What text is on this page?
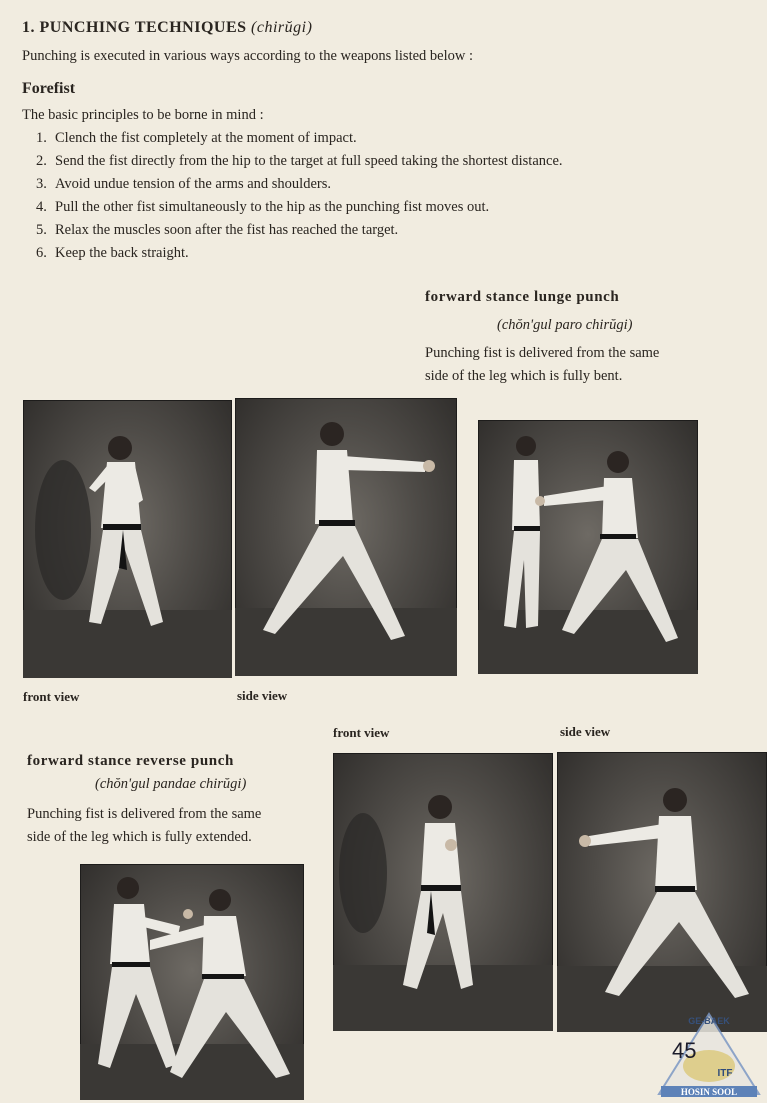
1. PUNCHING TECHNIQUES (chirŭgi)
Punching is executed in various ways according to the weapons listed below :
Forefist
The basic principles to be borne in mind :
1. Clench the fist completely at the moment of impact.
2. Send the fist directly from the hip to the target at full speed taking the shortest distance.
3. Avoid undue tension of the arms and shoulders.
4. Pull the other fist simultaneously to the hip as the punching fist moves out.
5. Relax the muscles soon after the fist has reached the target.
6. Keep the back straight.
forward stance lunge punch
(chŏn'gul paro chirŭgi)
Punching fist is delivered from the same
side of the leg which is fully bent.
front view	side view
front view	side view
forward stance reverse punch
(chŏn'gul pandae chirŭgi)
Punching fist is delivered from the same
side of the leg which is fully extended.
GE-BAEK
ITF
HOSIN SOOL
45
